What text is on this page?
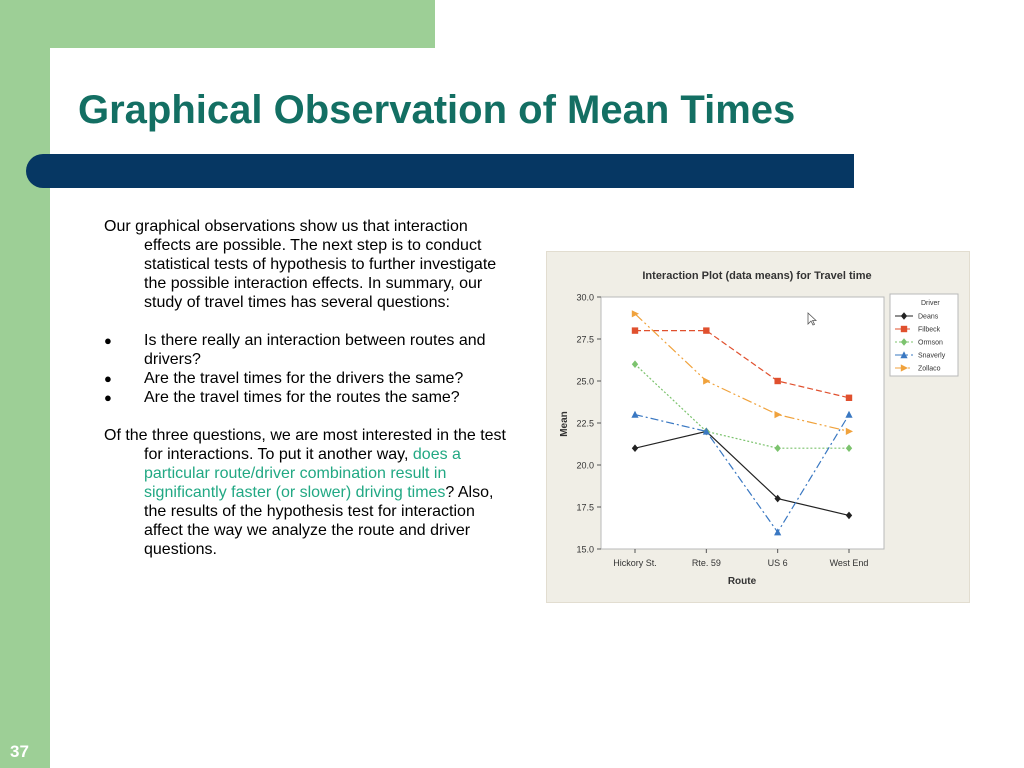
Graphical Observation of Mean Times

Our graphical observations show us that interaction effects are possible. The next step is to conduct statistical tests of hypothesis to further investigate the possible interaction effects. In summary, our study of travel times has several questions:

● Is there really an interaction between routes and drivers?
● Are the travel times for the drivers the same?
● Are the travel times for the routes the same?

Of the three questions, we are most interested in the test for interactions. To put it another way, does a particular route/driver combination result in significantly faster (or slower) driving times? Also, the results of the hypothesis test for interaction affect the way we analyze the route and driver questions.

Interaction Plot (data means) for Travel time
Mean
Route
15.0
17.5
20.0
22.5
25.0
27.5
30.0
Hickory St.	Rte. 59	US 6	West End
Driver
Deans
Filbeck
Ormson
Snaverly
Zollaco
37
